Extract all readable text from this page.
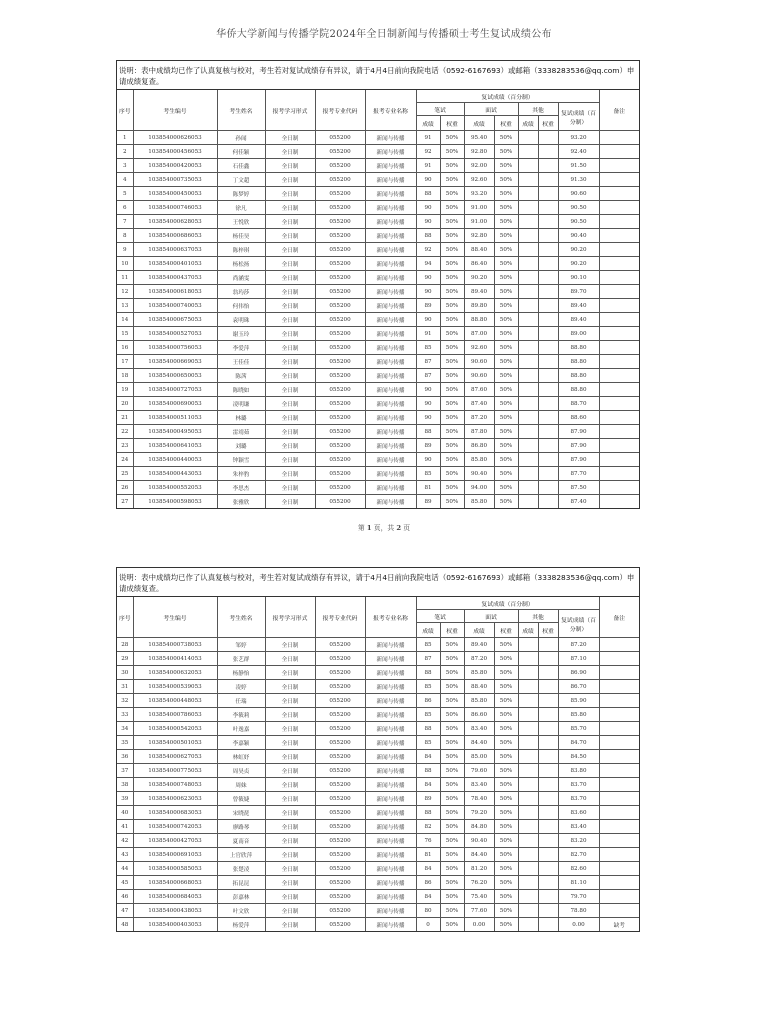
华侨大学新闻与传播学院2024年全日制新闻与传播硕士考生复试成绩公布
说明：表中成绩均已作了认真复核与校对，考生若对复试成绩存有异议，请于4月4日前向我院电话（0592-6167693）或邮箱（3338283536@qq.com）申请成绩复查。
序号	考生编号	考生姓名	报考学习形式	报考专业代码	报考专业名称	复试成绩（百分制）							备注
						笔试		面试		其他		复试成绩（百分制）	
						成绩	权重	成绩	权重	成绩	权重		
1	103854000626053	孙闻	全日制	055200	新闻与传播	91	50%	95.40	50%			93.20	
2	103854000456053	何佳颖	全日制	055200	新闻与传播	92	50%	92.80	50%			92.40	
3	103854000420053	石佳鑫	全日制	055200	新闻与传播	91	50%	92.00	50%			91.50	
4	103854000735053	丁文超	全日制	055200	新闻与传播	90	50%	92.60	50%			91.30	
5	103854000450053	陈梦婷	全日制	055200	新闻与传播	88	50%	93.20	50%			90.60	
6	103854000746053	徐凡	全日制	055200	新闻与传播	90	50%	91.00	50%			90.50	
7	103854000628053	王悦欣	全日制	055200	新闻与传播	90	50%	91.00	50%			90.50	
8	103854000686053	杨佳昊	全日制	055200	新闻与传播	88	50%	92.80	50%			90.40	
9	103854000637053	陈梓琪	全日制	055200	新闻与传播	92	50%	88.40	50%			90.20	
10	103854000401053	杨松扬	全日制	055200	新闻与传播	94	50%	86.40	50%			90.20	
11	103854000437053	尚涵雯	全日制	055200	新闻与传播	90	50%	90.20	50%			90.10	
12	103854000618053	翁玙莎	全日制	055200	新闻与传播	90	50%	89.40	50%			89.70	
13	103854000740053	何伟怡	全日制	055200	新闻与传播	89	50%	89.80	50%			89.40	
14	103854000675053	袁明珠	全日制	055200	新闻与传播	90	50%	88.80	50%			89.40	
15	103854000527053	谢玉玲	全日制	055200	新闻与传播	91	50%	87.00	50%			89.00	
16	103854000756053	李爱萍	全日制	055200	新闻与传播	85	50%	92.60	50%			88.80	
17	103854000669053	王佳佳	全日制	055200	新闻与传播	87	50%	90.60	50%			88.80	
18	103854000650053	陈茜	全日制	055200	新闻与传播	87	50%	90.60	50%			88.80	
19	103854000727053	陈晓如	全日制	055200	新闻与传播	90	50%	87.60	50%			88.80	
20	103854000690053	凌明谦	全日制	055200	新闻与传播	90	50%	87.40	50%			88.70	
21	103854000511053	林璐	全日制	055200	新闻与传播	90	50%	87.20	50%			88.60	
22	103854000495053	雷靖茹	全日制	055200	新闻与传播	88	50%	87.80	50%			87.90	
23	103854000641053	刘璐	全日制	055200	新闻与传播	89	50%	86.80	50%			87.90	
24	103854000440053	钟颖雪	全日制	055200	新闻与传播	90	50%	85.80	50%			87.90	
25	103854000443053	朱梓豹	全日制	055200	新闻与传播	85	50%	90.40	50%			87.70	
26	103854000552053	李思杰	全日制	055200	新闻与传播	81	50%	94.00	50%			87.50	
27	103854000598053	张雅欣	全日制	055200	新闻与传播	89	50%	85.80	50%			87.40	
第 1 页，共 2 页
说明：表中成绩均已作了认真复核与校对，考生若对复试成绩存有异议，请于4月4日前向我院电话（0592-6167693）或邮箱（3338283536@qq.com）申请成绩复查。
序号	考生编号	考生姓名	报考学习形式	报考专业代码	报考专业名称	复试成绩（百分制）							备注
						笔试		面试		其他		复试成绩（百分制）	
						成绩	权重	成绩	权重	成绩	权重		
28	103854000738053	邹婷	全日制	055200	新闻与传播	85	50%	89.40	50%			87.20	
29	103854000414053	张艺群	全日制	055200	新闻与传播	87	50%	87.20	50%			87.10	
30	103854000632053	杨静怡	全日制	055200	新闻与传播	88	50%	85.80	50%			86.90	
31	103854000539053	凌婷	全日制	055200	新闻与传播	85	50%	88.40	50%			86.70	
32	103854000448053	任瑞	全日制	055200	新闻与传播	86	50%	85.80	50%			85.90	
33	103854000786053	李筱莉	全日制	055200	新闻与传播	85	50%	86.60	50%			85.80	
34	103854000542053	叶逸嘉	全日制	055200	新闻与传播	88	50%	83.40	50%			85.70	
35	103854000501053	李嘉颖	全日制	055200	新闻与传播	85	50%	84.40	50%			84.70	
36	103854000627053	林虹妤	全日制	055200	新闻与传播	84	50%	85.00	50%			84.50	
37	103854000775053	周昊贞	全日制	055200	新闻与传播	88	50%	79.60	50%			83.80	
38	103854000748053	周妹	全日制	055200	新闻与传播	84	50%	83.40	50%			83.70	
39	103854000623053	曾筱婕	全日制	055200	新闻与传播	89	50%	78.40	50%			83.70	
40	103854000683053	宋晓琵	全日制	055200	新闻与传播	88	50%	79.20	50%			83.60	
41	103854000742053	廖路琴	全日制	055200	新闻与传播	82	50%	84.80	50%			83.40	
42	103854000427053	夏南音	全日制	055200	新闻与传播	76	50%	90.40	50%			83.20	
43	103854000691053	上官欣萍	全日制	055200	新闻与传播	81	50%	84.40	50%			82.70	
44	103854000585053	张楚凌	全日制	055200	新闻与传播	84	50%	81.20	50%			82.60	
45	103854000668053	拓昆昆	全日制	055200	新闻与传播	86	50%	76.20	50%			81.10	
46	103854000684053	彭嘉林	全日制	055200	新闻与传播	84	50%	75.40	50%			79.70	
47	103854000438053	叶文欣	全日制	055200	新闻与传播	80	50%	77.60	50%			78.80	
48	103854000403053	杨爱萍	全日制	055200	新闻与传播	0	50%	0.00	50%			0.00	缺考
